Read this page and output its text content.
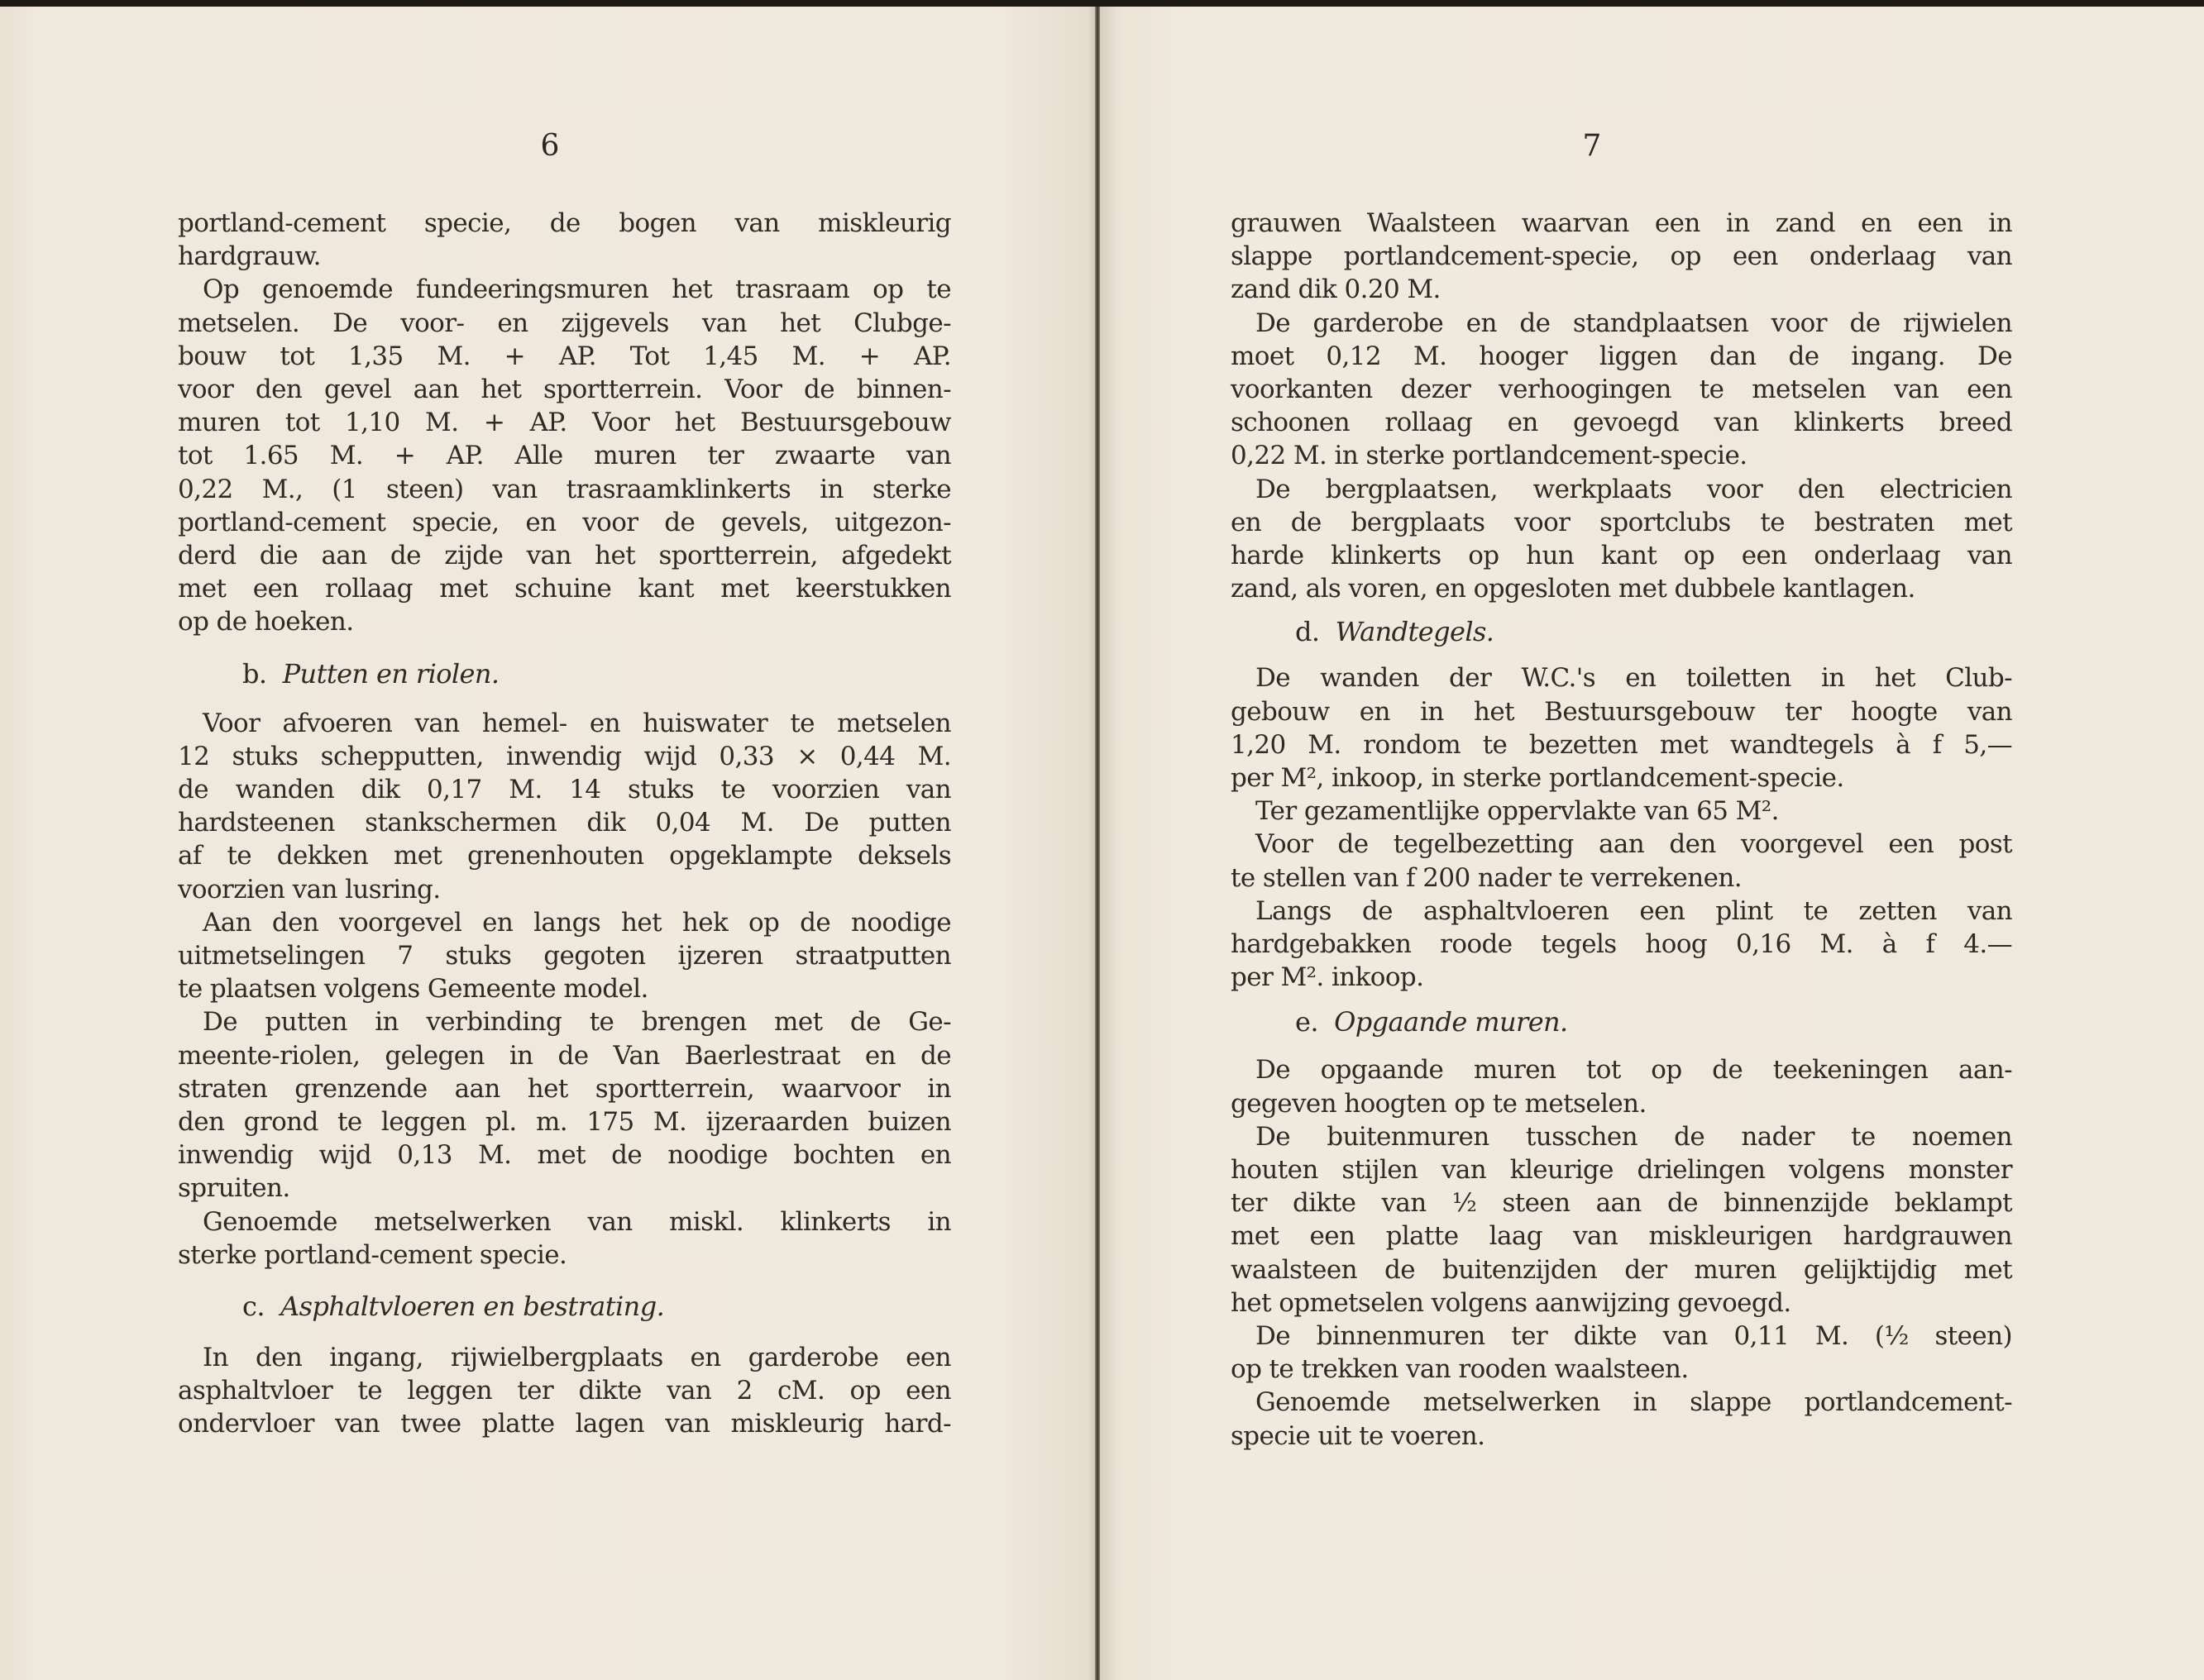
6
portland-cement specie, de bogen van miskleurig
hardgrauw.
Op genoemde fundeeringsmuren het trasraam op te
metselen. De voor- en zijgevels van het Clubge-
bouw tot 1,35 M. + AP. Tot 1,45 M. + AP.
voor den gevel aan het sportterrein. Voor de binnen-
muren tot 1,10 M. + AP. Voor het Bestuursgebouw
tot 1.65 M. + AP. Alle muren ter zwaarte van
0,22 M., (1 steen) van trasraamklinkerts in sterke
portland-cement specie, en voor de gevels, uitgezon-
derd die aan de zijde van het sportterrein, afgedekt
met een rollaag met schuine kant met keerstukken
op de hoeken.
b. Putten en riolen.
Voor afvoeren van hemel- en huiswater te metselen
12 stuks schepputten, inwendig wijd 0,33 × 0,44 M.
de wanden dik 0,17 M. 14 stuks te voorzien van
hardsteenen stankschermen dik 0,04 M. De putten
af te dekken met grenenhouten opgeklampte deksels
voorzien van lusring.
Aan den voorgevel en langs het hek op de noodige
uitmetselingen 7 stuks gegoten ijzeren straatputten
te plaatsen volgens Gemeente model.
De putten in verbinding te brengen met de Ge-
meente-riolen, gelegen in de Van Baerlestraat en de
straten grenzende aan het sportterrein, waarvoor in
den grond te leggen pl. m. 175 M. ijzeraarden buizen
inwendig wijd 0,13 M. met de noodige bochten en
spruiten.
Genoemde metselwerken van miskl. klinkerts in
sterke portland-cement specie.
c. Asphaltvloeren en bestrating.
In den ingang, rijwielbergplaats en garderobe een
asphaltvloer te leggen ter dikte van 2 cM. op een
ondervloer van twee platte lagen van miskleurig hard-
7
grauwen Waalsteen waarvan een in zand en een in
slappe portlandcement-specie, op een onderlaag van
zand dik 0.20 M.
De garderobe en de standplaatsen voor de rijwielen
moet 0,12 M. hooger liggen dan de ingang. De
voorkanten dezer verhoogingen te metselen van een
schoonen rollaag en gevoegd van klinkerts breed
0,22 M. in sterke portlandcement-specie.
De bergplaatsen, werkplaats voor den electricien
en de bergplaats voor sportclubs te bestraten met
harde klinkerts op hun kant op een onderlaag van
zand, als voren, en opgesloten met dubbele kantlagen.
d. Wandtegels.
De wanden der W.C.'s en toiletten in het Club-
gebouw en in het Bestuursgebouw ter hoogte van
1,20 M. rondom te bezetten met wandtegels à f 5,—
per M², inkoop, in sterke portlandcement-specie.
Ter gezamentlijke oppervlakte van 65 M².
Voor de tegelbezetting aan den voorgevel een post
te stellen van f 200 nader te verrekenen.
Langs de asphaltvloeren een plint te zetten van
hardgebakken roode tegels hoog 0,16 M. à f 4.—
per M². inkoop.
e. Opgaande muren.
De opgaande muren tot op de teekeningen aan-
gegeven hoogten op te metselen.
De buitenmuren tusschen de nader te noemen
houten stijlen van kleurige drielingen volgens monster
ter dikte van ½ steen aan de binnenzijde beklampt
met een platte laag van miskleurigen hardgrauwen
waalsteen de buitenzijden der muren gelijktijdig met
het opmetselen volgens aanwijzing gevoegd.
De binnenmuren ter dikte van 0,11 M. (½ steen)
op te trekken van rooden waalsteen.
Genoemde metselwerken in slappe portlandcement-
specie uit te voeren.
